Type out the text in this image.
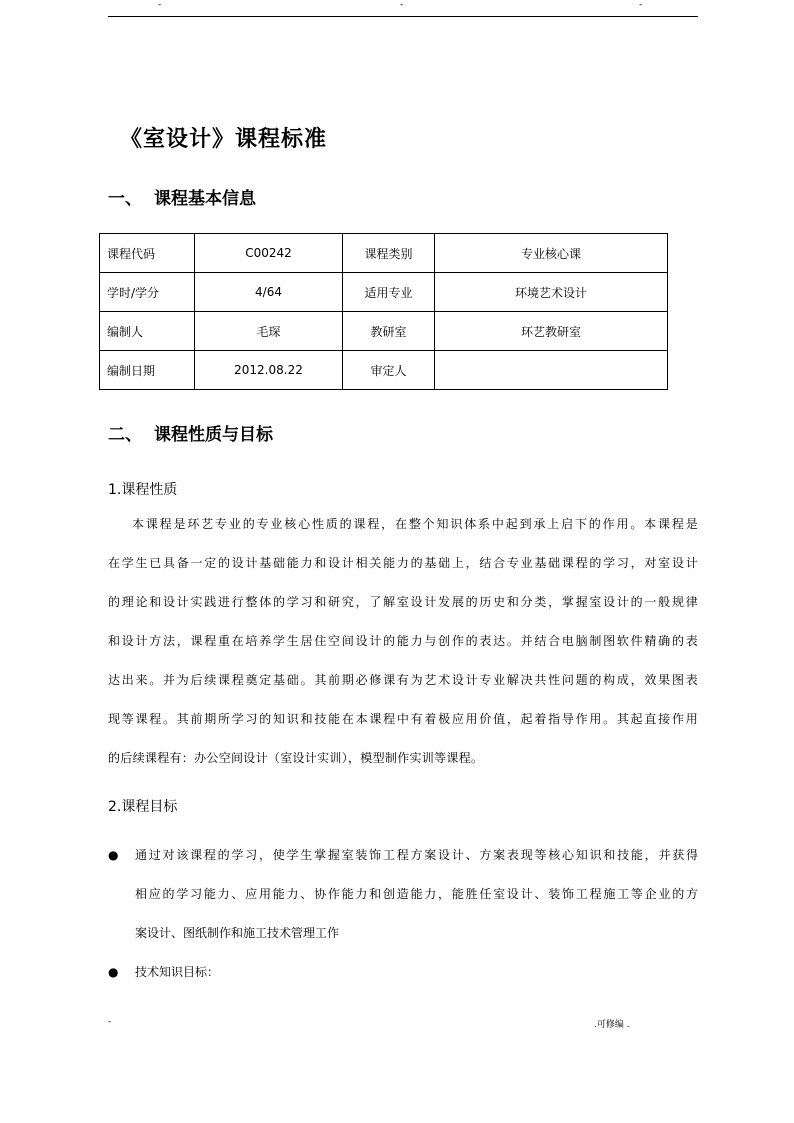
-	-	-
《室设计》课程标准
一、 课程基本信息
课程代码	C00242	课程类别	专业核心课
学时/学分	4/64	适用专业	环境艺术设计
编制人	毛琛	教研室	环艺教研室
编制日期	2012.08.22	审定人	
二、 课程性质与目标
1.课程性质
本课程是环艺专业的专业核心性质的课程，在整个知识体系中起到承上启下的作用。本课程是
在学生已具备一定的设计基础能力和设计相关能力的基础上，结合专业基础课程的学习，对室设计
的理论和设计实践进行整体的学习和研究，了解室设计发展的历史和分类，掌握室设计的一般规律
和设计方法，课程重在培养学生居住空间设计的能力与创作的表达。并结合电脑制图软件精确的表
达出来。并为后续课程奠定基础。其前期必修课有为艺术设计专业解决共性问题的构成，效果图表
现等课程。其前期所学习的知识和技能在本课程中有着极应用价值，起着指导作用。其起直接作用
的后续课程有：办公空间设计（室设计实训），模型制作实训等课程。
2.课程目标
●	通过对该课程的学习，使学生掌握室装饰工程方案设计、方案表现等核心知识和技能，并获得
相应的学习能力、应用能力、协作能力和创造能力，能胜任室设计、装饰工程施工等企业的方
案设计、图纸制作和施工技术管理工作
●	技术知识目标：
-	.可修编 .
